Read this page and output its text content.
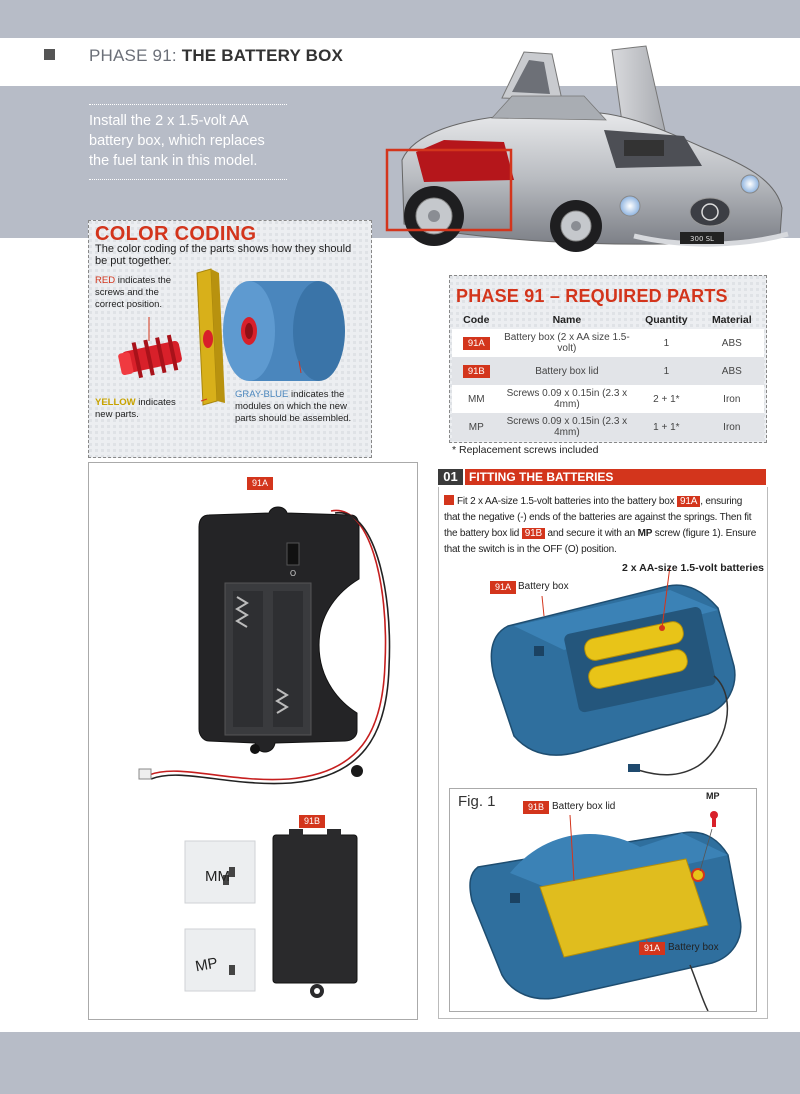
PHASE 91: THE BATTERY BOX
Install the 2 x 1.5-volt AA battery box, which replaces the fuel tank in this model.
300 SL
COLOR CODING
The color coding of the parts shows how they should be put together.
RED indicates the screws and the correct position.
YELLOW indicates new parts.
GRAY-BLUE indicates the modules on which the new parts should be assembled.
PHASE 91 – REQUIRED PARTS
Code	Name	Quantity	Material
91A	Battery box (2 x AA size 1.5-volt)	1	ABS
91B	Battery box lid	1	ABS
MM	Screws 0.09 x 0.15in (2.3 x 4mm)	2 + 1*	Iron
MP	Screws 0.09 x 0.15in (2.3 x 4mm)	1 + 1*	Iron
* Replacement screws included
O
MM
MP
91A
91B
01 FITTING THE BATTERIES
Fit 2 x AA-size 1.5-volt batteries into the battery box 91A , ensuring that the negative (-) ends of the batteries are against the springs. Then fit the battery box lid 91B and secure it with an MP screw (figure 1). Ensure that the switch is in the OFF (O) position.
2 x AA-size 1.5-volt batteries
91A Battery box
Fig. 1	91B Battery box lid
MP
91A Battery box
